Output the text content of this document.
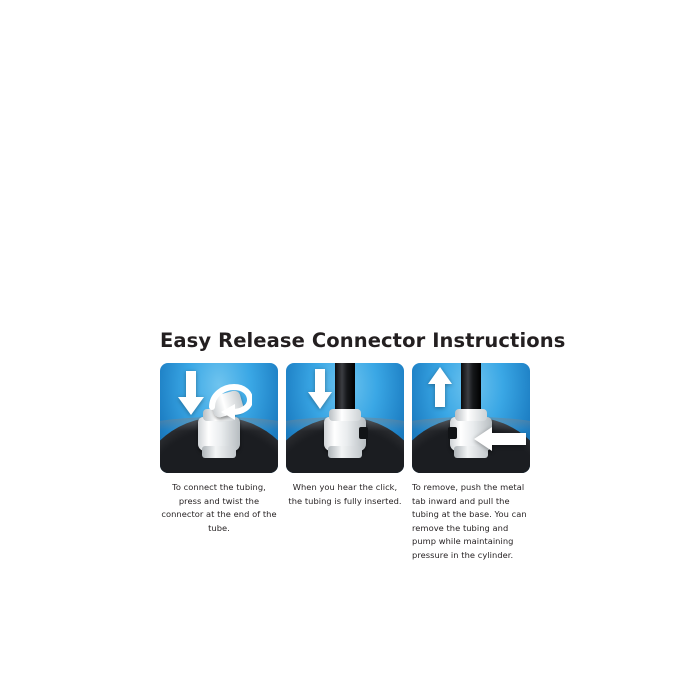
Easy Release Connector Instructions
To connect the tubing, press and twist the connector at the end of the tube.
When you hear the click, the tubing is fully inserted.
To remove, push the metal tab inward and pull the tubing at the base. You can remove the tubing and pump while maintaining pressure in the cylinder.
